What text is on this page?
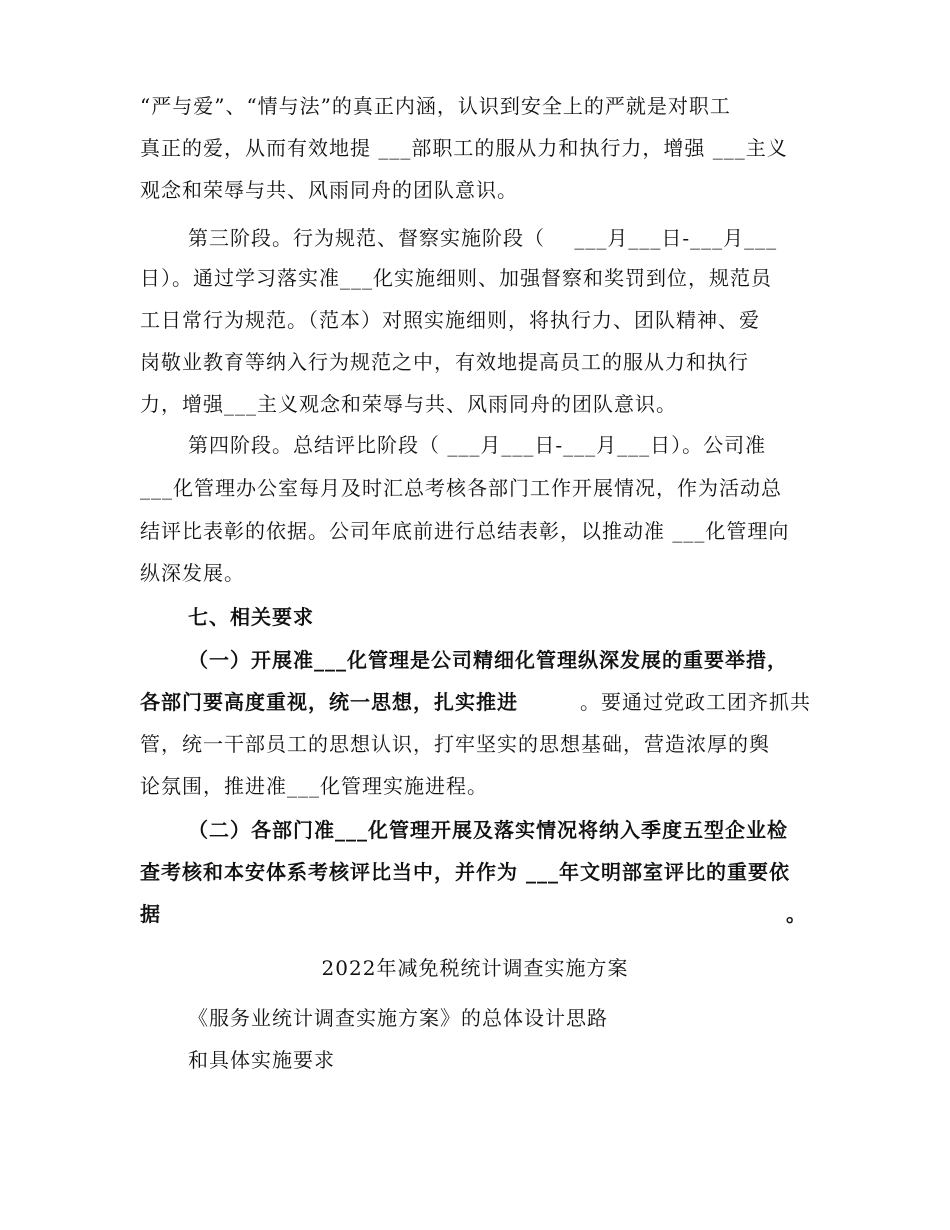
“严与爱”、“情与法”的真正内涵，认识到安全上的严就是对职工
真正的爱，从而有效地提 ___部职工的服从力和执行力，增强 ___主义
观念和荣辱与共、风雨同舟的团队意识。
第三阶段。行为规范、督察实施阶段（    ___月___日-___月___
日）。通过学习落实准___化实施细则、加强督察和奖罚到位，规范员
工日常行为规范。（范本）对照实施细则，将执行力、团队精神、爱
岗敬业教育等纳入行为规范之中，有效地提高员工的服从力和执行
力，增强___主义观念和荣辱与共、风雨同舟的团队意识。
第四阶段。总结评比阶段（ ___月___日-___月___日）。公司准
___化管理办公室每月及时汇总考核各部门工作开展情况，作为活动总
结评比表彰的依据。公司年底前进行总结表彰，以推动准 ___化管理向
纵深发展。
七、相关要求
（一）开展准___化管理是公司精细化管理纵深发展的重要举措，
各部门要高度重视，统一思想，扎实推进	。要通过党政工团齐抓共
管，统一干部员工的思想认识，打牢坚实的思想基础，营造浓厚的舆
论氛围，推进准___化管理实施进程。
（二）各部门准___化管理开展及落实情况将纳入季度五型企业检
查考核和本安体系考核评比当中，并作为 ___年文明部室评比的重要依
据	。
2022年减免税统计调查实施方案
《服务业统计调查实施方案》的总体设计思路
和具体实施要求
